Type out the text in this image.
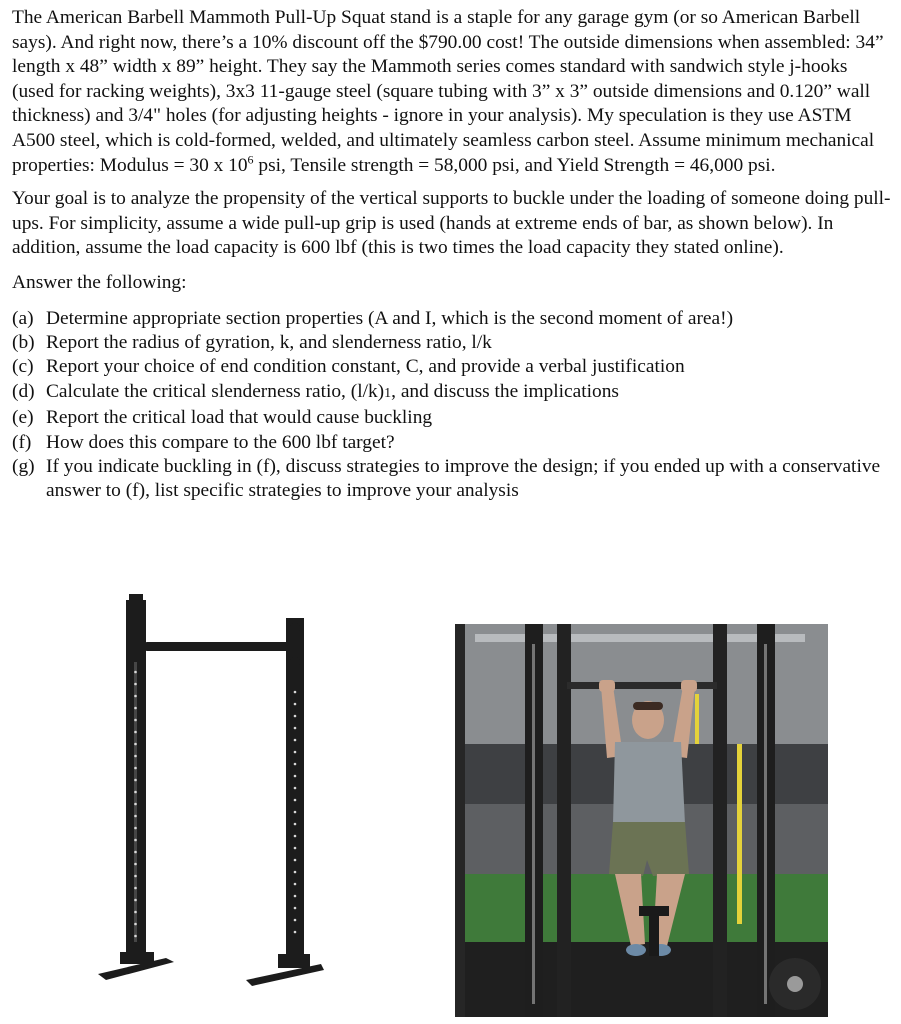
The American Barbell Mammoth Pull-Up Squat stand is a staple for any garage gym (or so American Barbell says). And right now, there’s a 10% discount off the $790.00 cost! The outside dimensions when assembled: 34” length x 48” width x 89” height. They say the Mammoth series comes standard with sandwich style j-hooks (used for racking weights), 3x3 11-gauge steel (square tubing with 3” x 3” outside dimensions and 0.120” wall thickness) and 3/4" holes (for adjusting heights - ignore in your analysis). My speculation is they use ASTM A500 steel, which is cold-formed, welded, and ultimately seamless carbon steel. Assume minimum mechanical properties: Modulus = 30 x $10^6$ psi, Tensile strength = 58,000 psi, and Yield Strength = 46,000 psi.

Your goal is to analyze the propensity of the vertical supports to buckle under the loading of someone doing pull-ups. For simplicity, assume a wide pull-up grip is used (hands at extreme ends of bar, as shown below). In addition, assume the load capacity is 600 lbf (this is two times the load capacity they stated online).

Answer the following:

(a) Determine appropriate section properties (A and I, which is the second moment of area!)
(b) Report the radius of gyration, k, and slenderness ratio, l/k
(c) Report your choice of end condition constant, C, and provide a verbal justification
(d) Calculate the critical slenderness ratio, (l/k)1, and discuss the implications
(e) Report the critical load that would cause buckling
(f) How does this compare to the 600 lbf target?
(g) If you indicate buckling in (f), discuss strategies to improve the design; if you ended up with a conservative answer to (f), list specific strategies to improve your analysis
